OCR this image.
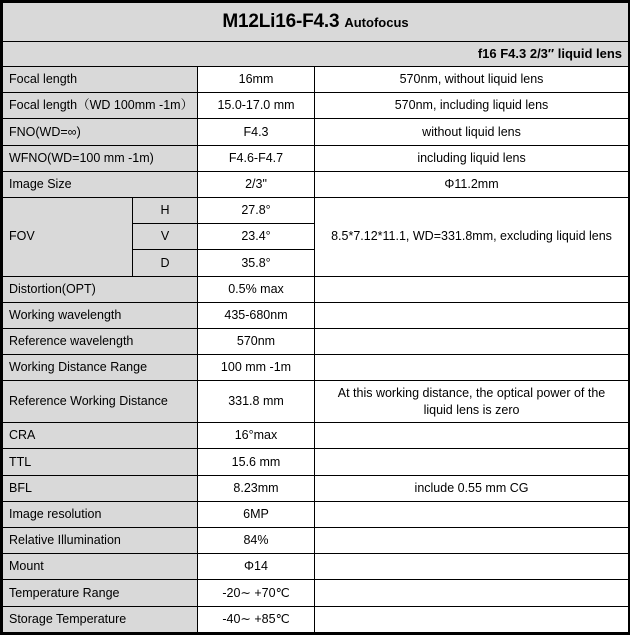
M12Li16-F4.3 Autofocus			
f16 F4.3 2/3″ liquid lens			
Focal length		16mm	570nm, without liquid lens
Focal length（WD 100mm -1m）		15.0-17.0 mm	570nm, including liquid lens
FNO(WD=∞)		F4.3	without liquid lens
WFNO(WD=100 mm -1m)		F4.6-F4.7	including liquid lens
Image Size		2/3"	Φ11.2mm
FOV	H	27.8°	8.5*7.12*11.1, WD=331.8mm, excluding liquid lens
	V	23.4°	
	D	35.8°	
Distortion(OPT)		0.5% max	
Working wavelength		435-680nm	
Reference wavelength		570nm	
Working Distance Range		100 mm -1m	
Reference Working Distance		331.8 mm	At this working distance, the optical power of the liquid lens is zero
CRA		16°max	
TTL		15.6 mm	
BFL		8.23mm	include 0.55 mm CG
Image resolution		6MP	
Relative Illumination		84%	
Mount		Φ14	
Temperature Range		-20∼ +70℃	
Storage Temperature		-40∼ +85℃	
